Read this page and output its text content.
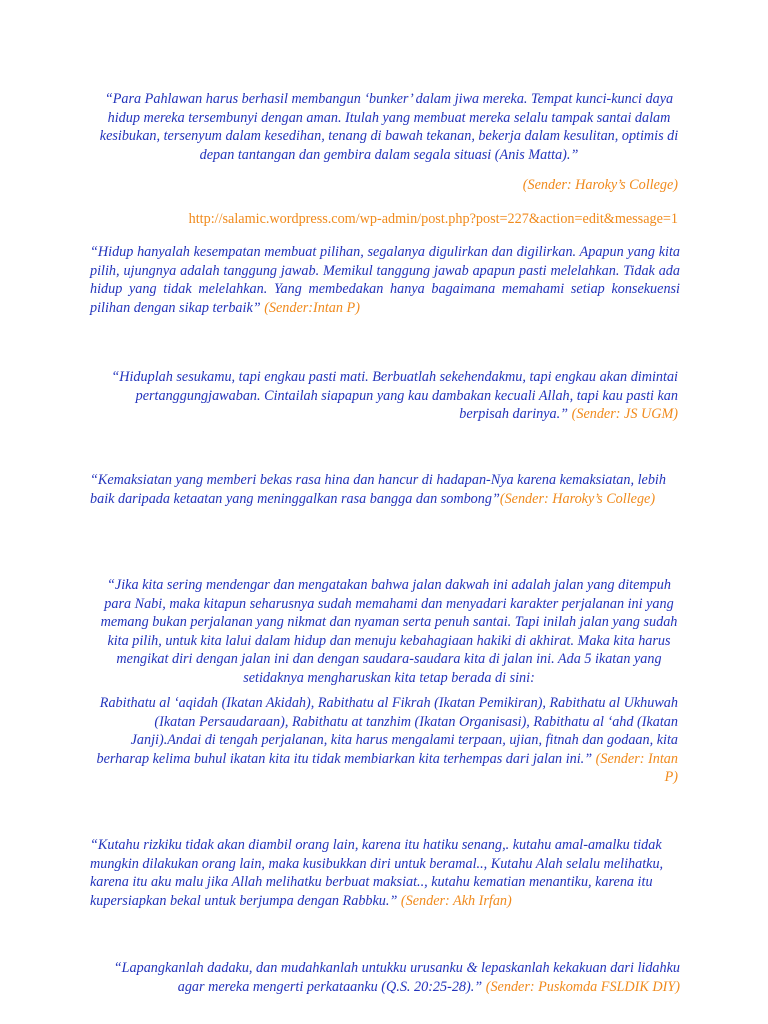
“Para Pahlawan harus berhasil membangun ‘bunker’ dalam jiwa mereka. Tempat kunci-kunci daya hidup mereka tersembunyi dengan aman. Itulah yang membuat mereka selalu tampak santai dalam kesibukan, tersenyum dalam kesedihan, tenang di bawah tekanan, bekerja dalam kesulitan, optimis di depan tantangan dan gembira dalam segala situasi (Anis Matta).”

(Sender: Haroky’s College)

http://salamic.wordpress.com/wp-admin/post.php?post=227&action=edit&message=1

“Hidup hanyalah kesempatan membuat pilihan, segalanya digulirkan dan digilirkan. Apapun yang kita pilih, ujungnya adalah tanggung jawab. Memikul tanggung jawab apapun pasti melelahkan. Tidak ada hidup yang tidak melelahkan. Yang membedakan hanya bagaimana memahami setiap konsekuensi pilihan dengan sikap terbaik” (Sender:Intan P)

“Hiduplah sesukamu, tapi engkau pasti mati. Berbuatlah sekehendakmu, tapi engkau akan dimintai pertanggungjawaban. Cintailah siapapun yang kau dambakan kecuali Allah, tapi kau pasti kan berpisah darinya.” (Sender: JS UGM)

“Kemaksiatan yang memberi bekas rasa hina dan hancur di hadapan-Nya karena kemaksiatan, lebih baik daripada ketaatan yang meninggalkan rasa bangga dan sombong”(Sender: Haroky’s College)

“Jika kita sering mendengar dan mengatakan bahwa jalan dakwah ini adalah jalan yang ditempuh para Nabi, maka kitapun seharusnya sudah memahami dan menyadari karakter perjalanan ini yang memang bukan perjalanan yang nikmat dan nyaman serta penuh santai. Tapi inilah jalan yang sudah kita pilih, untuk kita lalui dalam hidup dan menuju kebahagiaan hakiki di akhirat. Maka kita harus mengikat diri dengan jalan ini dan dengan saudara-saudara kita di jalan ini. Ada 5 ikatan yang setidaknya mengharuskan kita tetap berada di sini:

Rabithatu al ‘aqidah (Ikatan Akidah), Rabithatu al Fikrah (Ikatan Pemikiran), Rabithatu al Ukhuwah (Ikatan Persaudaraan), Rabithatu at tanzhim (Ikatan Organisasi), Rabithatu al ‘ahd (Ikatan Janji).Andai di tengah perjalanan, kita harus mengalami terpaan, ujian, fitnah dan godaan, kita berharap kelima buhul ikatan kita itu tidak membiarkan kita terhempas dari jalan ini.” (Sender: Intan P)

“Kutahu rizkiku tidak akan diambil orang lain, karena itu hatiku senang,. kutahu amal-amalku tidak mungkin dilakukan orang lain, maka kusibukkan diri untuk beramal.., Kutahu Alah selalu melihatku, karena itu aku malu jika Allah melihatku berbuat maksiat.., kutahu kematian menantiku, karena itu kupersiapkan bekal untuk berjumpa dengan Rabbku.” (Sender: Akh Irfan)

“Lapangkanlah dadaku, dan mudahkanlah untukku urusanku & lepaskanlah kekakuan dari lidahku agar mereka mengerti perkataanku (Q.S. 20:25-28).” (Sender: Puskomda FSLDIK DIY)
